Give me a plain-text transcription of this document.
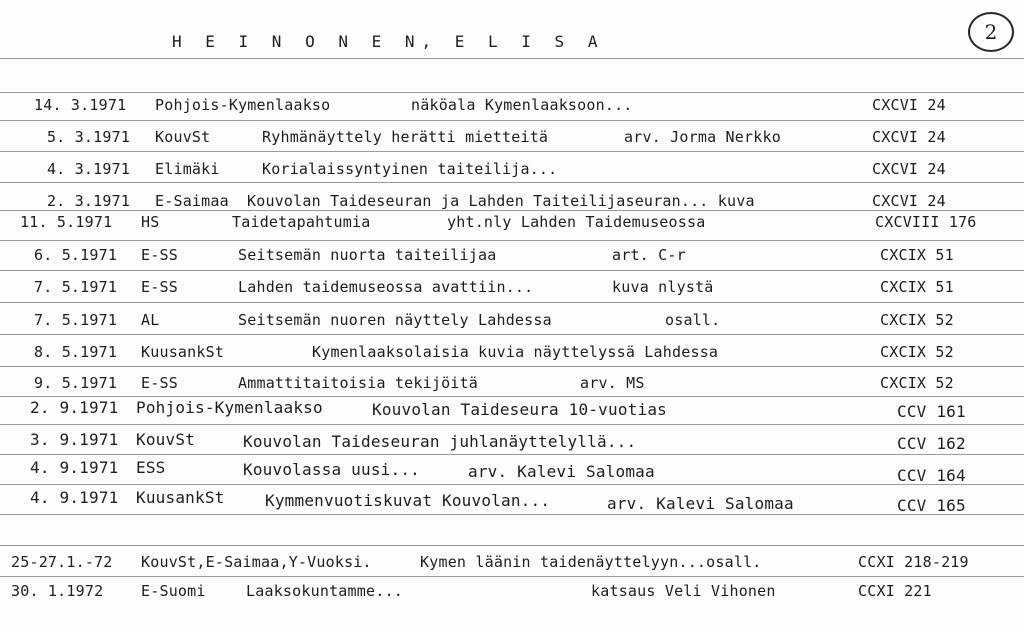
H E I N O N E N, E L I S A	2
14. 3.1971 Pohjois-Kymenlaakso	näköala Kymenlaaksoon...	CXCVI 24
5. 3.1971 KouvSt	Ryhmänäyttely herätti mietteitä	arv. Jorma Nerkko	CXCVI 24
4. 3.1971 Elimäki	Korialaissyntyinen taiteilija...	CXCVI 24
2. 3.1971 E-Saimaa Kouvolan Taideseuran ja Lahden Taiteilijaseuran... kuva	CXCVI 24
11. 5.1971 HS	Taidetapahtumia	yht.nly Lahden Taidemuseossa	CXCVIII 176
6. 5.1971 E-SS	Seitsemän nuorta taiteilijaa	art. C-r	CXCIX 51
7. 5.1971 E-SS	Lahden taidemuseossa avattiin...	kuva nlystä	CXCIX 51
7. 5.1971 AL	Seitsemän nuoren näyttely Lahdessa	osall.	CXCIX 52
8. 5.1971 KuusankSt	Kymenlaaksolaisia kuvia näyttelyssä Lahdessa	CXCIX 52
9. 5.1971 E-SS	Ammattitaitoisia tekijöitä	arv. MS	CXCIX 52
2. 9.1971 Pohjois-Kymenlaakso	Kouvolan Taideseura 10-vuotias	CCV 161
3. 9.1971 KouvSt	Kouvolan Taideseuran juhlanäyttelyllä...	CCV 162
4. 9.1971 ESS	Kouvolassa uusi...	arv. Kalevi Salomaa	CCV 164
4. 9.1971 KuusankSt	Kymmenvuotiskuvat Kouvolan...	arv. Kalevi Salomaa	CCV 165
25-27.1.-72 KouvSt,E-Saimaa,Y-Vuoksi.	Kymen läänin taidenäyttelyyn...osall.	CCXI 218-219
30. 1.1972	E-Suomi	Laaksokuntamme...	katsaus Veli Vihonen	CCXI 221
